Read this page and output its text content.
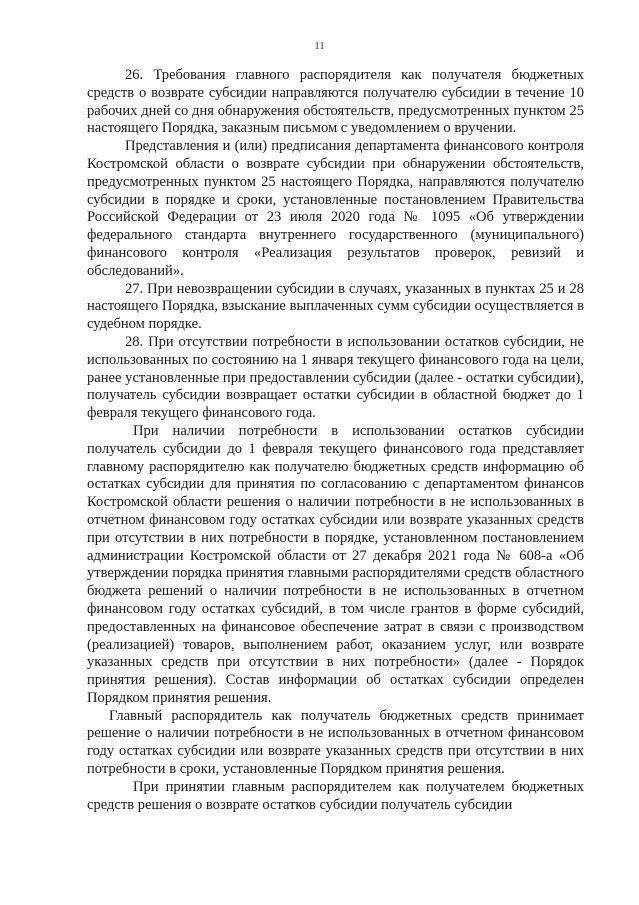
11

26. Требования главного распорядителя как получателя бюджетных средств о возврате субсидии направляются получателю субсидии в течение 10 рабочих дней со дня обнаружения обстоятельств, предусмотренных пунктом 25 настоящего Порядка, заказным письмом с уведомлением о вручении.

Представления и (или) предписания департамента финансового контроля Костромской области о возврате субсидии при обнаружении обстоятельств, предусмотренных пунктом 25 настоящего Порядка, направляются получателю субсидии в порядке и сроки, установленные постановлением Правительства Российской Федерации от 23 июля 2020 года № 1095 «Об утверждении федерального стандарта внутреннего государственного (муниципального) финансового контроля «Реализация результатов проверок, ревизий и обследований».

27. При невозвращении субсидии в случаях, указанных в пунктах 25 и 28 настоящего Порядка, взыскание выплаченных сумм субсидии осуществляется в судебном порядке.

28. При отсутствии потребности в использовании остатков субсидии, не использованных по состоянию на 1 января текущего финансового года на цели, ранее установленные при предоставлении субсидии (далее - остатки субсидии), получатель субсидии возвращает остатки субсидии в областной бюджет до 1 февраля текущего финансового года.

При наличии потребности в использовании остатков субсидии получатель субсидии до 1 февраля текущего финансового года представляет главному распорядителю как получателю бюджетных средств информацию об остатках субсидии для принятия по согласованию с департаментом финансов Костромской области решения о наличии потребности в не использованных в отчетном финансовом году остатках субсидии или возврате указанных средств при отсутствии в них потребности в порядке, установленном постановлением администрации Костромской области от 27 декабря 2021 года № 608-а «Об утверждении порядка принятия главными распорядителями средств областного бюджета решений о наличии потребности в не использованных в отчетном финансовом году остатках субсидий, в том числе грантов в форме субсидий, предоставленных на финансовое обеспечение затрат в связи с производством (реализацией) товаров, выполнением работ, оказанием услуг, или возврате указанных средств при отсутствии в них потребности» (далее - Порядок принятия решения). Состав информации об остатках субсидии определен Порядком принятия решения.

Главный распорядитель как получатель бюджетных средств принимает решение о наличии потребности в не использованных в отчетном финансовом году остатках субсидии или возврате указанных средств при отсутствии в них потребности в сроки, установленные Порядком принятия решения.

При принятии главным распорядителем как получателем бюджетных средств решения о возврате остатков субсидии получатель субсидии
